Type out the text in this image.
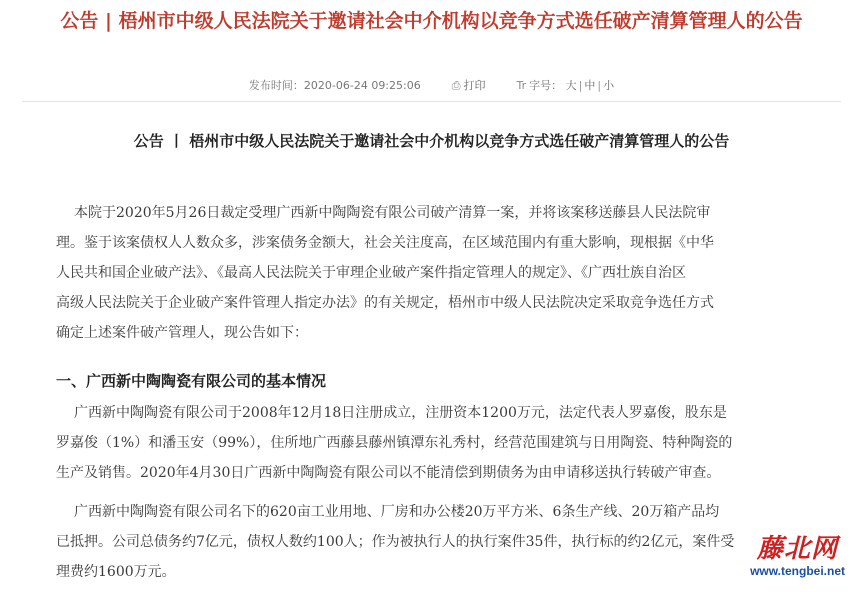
公告 | 梧州市中级人民法院关于邀请社会中介机构以竞争方式选任破产清算管理人的公告
发布时间：2020-06-24 09:25:06	⎙ 打印	Tr 字号： 大 | 中 | 小
公告 丨 梧州市中级人民法院关于邀请社会中介机构以竞争方式选任破产清算管理人的公告

本院于2020年5月26日裁定受理广西新中陶陶瓷有限公司破产清算一案，并将该案移送藤县人民法院审

理。鉴于该案债权人人数众多，涉案债务金额大，社会关注度高，在区域范围内有重大影响，现根据《中华

人民共和国企业破产法》、《最高人民法院关于审理企业破产案件指定管理人的规定》、《广西壮族自治区

高级人民法院关于企业破产案件管理人指定办法》的有关规定，梧州市中级人民法院决定采取竞争选任方式

确定上述案件破产管理人，现公告如下：

一、广西新中陶陶瓷有限公司的基本情况

广西新中陶陶瓷有限公司于2008年12月18日注册成立，注册资本1200万元，法定代表人罗嘉俊，股东是

罗嘉俊（1%）和潘玉安（99%），住所地广西藤县藤州镇潭东礼秀村，经营范围建筑与日用陶瓷、特种陶瓷的

生产及销售。2020年4月30日广西新中陶陶瓷有限公司以不能清偿到期债务为由申请移送执行转破产审查。

广西新中陶陶瓷有限公司名下的620亩工业用地、厂房和办公楼20万平方米、6条生产线、20万箱产品均

已抵押。公司总债务约7亿元，债权人数约100人；作为被执行人的执行案件35件，执行标的约2亿元，案件受

理费约1600万元。

藤北网
www.tengbei.net
